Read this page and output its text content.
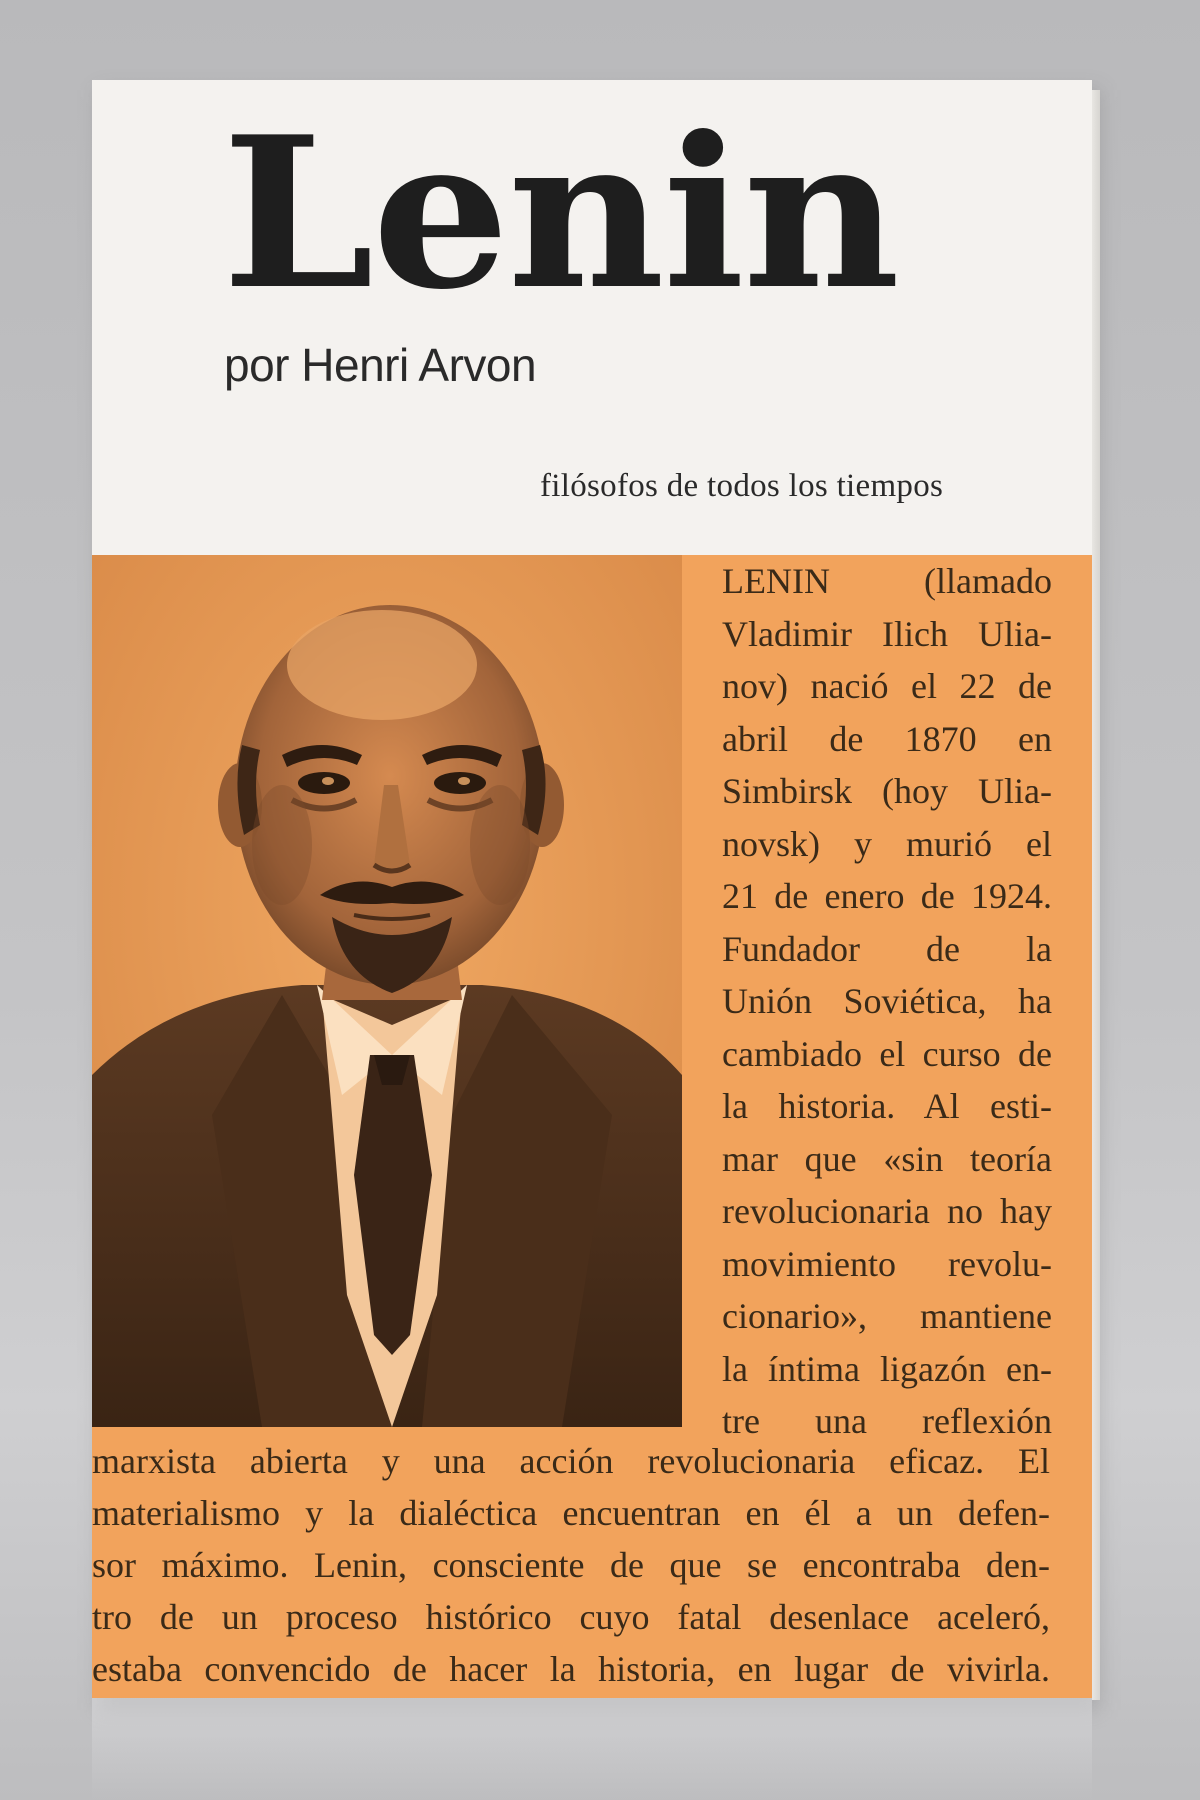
Lenin

por Henri Arvon

filósofos de todos los tiempos

LENIN (llamado
Vladimir Ilich Ulia-
nov) nació el 22 de
abril de 1870 en
Simbirsk (hoy Ulia-
novsk) y murió el
21 de enero de 1924.
Fundador de la
Unión Soviética, ha
cambiado el curso de
la historia. Al esti-
mar que «sin teoría
revolucionaria no hay
movimiento revolu-
cionario», mantiene
la íntima ligazón en-
tre una reflexión
marxista abierta y una acción revolucionaria eficaz. El
materialismo y la dialéctica encuentran en él a un defen-
sor máximo. Lenin, consciente de que se encontraba den-
tro de un proceso histórico cuyo fatal desenlace aceleró,
estaba convencido de hacer la historia, en lugar de vivirla.
